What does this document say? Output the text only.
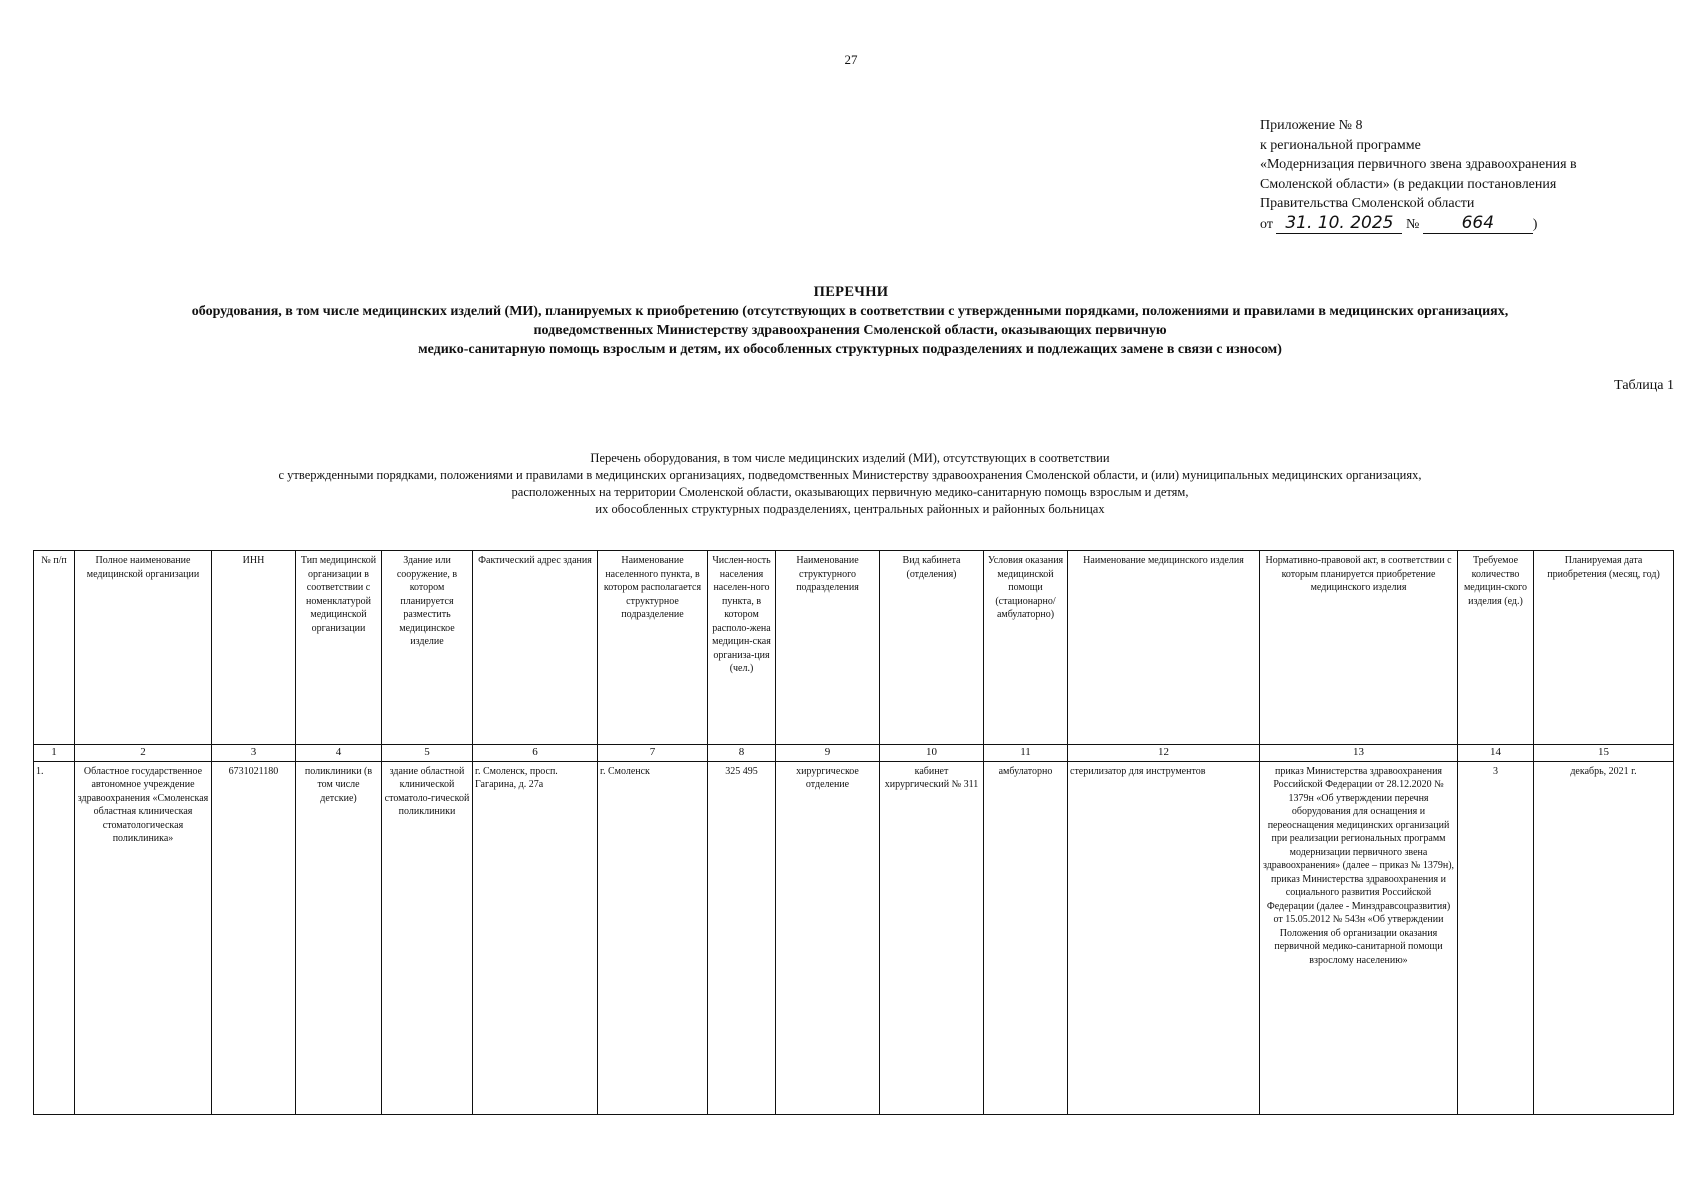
27
Приложение № 8
к региональной программе
«Модернизация первичного звена здравоохранения в
Смоленской области» (в редакции постановления
Правительства Смоленской области
от 31. 10. 2025 № 664	)
ПЕРЕЧНИ
оборудования, в том числе медицинских изделий (МИ), планируемых к приобретению (отсутствующих в соответствии с утвержденными порядками, положениями и правилами в медицинских организациях,
подведомственных Министерству здравоохранения Смоленской области, оказывающих первичную
медико-санитарную помощь взрослым и детям, их обособленных структурных подразделениях и подлежащих замене в связи с износом)
Таблица 1
Перечень оборудования, в том числе медицинских изделий (МИ), отсутствующих в соответствии
с утвержденными порядками, положениями и правилами в медицинских организациях, подведомственных Министерству здравоохранения Смоленской области, и (или) муниципальных медицинских организациях,
расположенных на территории Смоленской области, оказывающих первичную медико-санитарную помощь взрослым и детям,
их обособленных структурных подразделениях, центральных районных и районных больницах
№ п/п	Полное наименование медицинской организации	ИНН	Тип медицинской организации в соответствии с номенклатурой медицинской организации	Здание или сооружение, в котором планируется разместить медицинское изделие	Фактический адрес здания	Наименование населенного пункта, в котором располагается структурное подразделение	Числен-ность населения населен-ного пункта, в котором располо-жена медицин-ская организа-ция (чел.)	Наименование структурного подразделения	Вид кабинета (отделения)	Условия оказания медицинской помощи (стационарно/ амбулаторно)	Наименование медицинского изделия	Нормативно-правовой акт, в соответствии с которым планируется приобретение медицинского изделия	Требуемое количество медицин-ского изделия (ед.)	Планируемая дата приобретения (месяц, год)
1	2	3	4	5	6	7	8	9	10	11	12	13	14	15
1.	Областное государственное автономное учреждение здравоохранения «Смоленская областная клиническая стоматологическая поликлиника»	6731021180	поликлиники (в том числе детские)	здание областной клинической стоматоло-гической поликлиники	г. Смоленск, просп. Гагарина, д. 27а	г. Смоленск	325 495	хирургическое отделение	кабинет хирургический № 311	амбулаторно	стерилизатор для инструментов	приказ Министерства здравоохранения Российской Федерации от 28.12.2020 № 1379н «Об утверждении перечня оборудования для оснащения и переоснащения медицинских организаций при реализации региональных программ модернизации первичного звена здравоохранения» (далее – приказ № 1379н), приказ Министерства здравоохранения и социального развития Российской Федерации (далее - Минздравсоцразвития) от 15.05.2012 № 543н «Об утверждении Положения об организации оказания первичной медико-санитарной помощи взрослому населению»	3	декабрь, 2021 г.
